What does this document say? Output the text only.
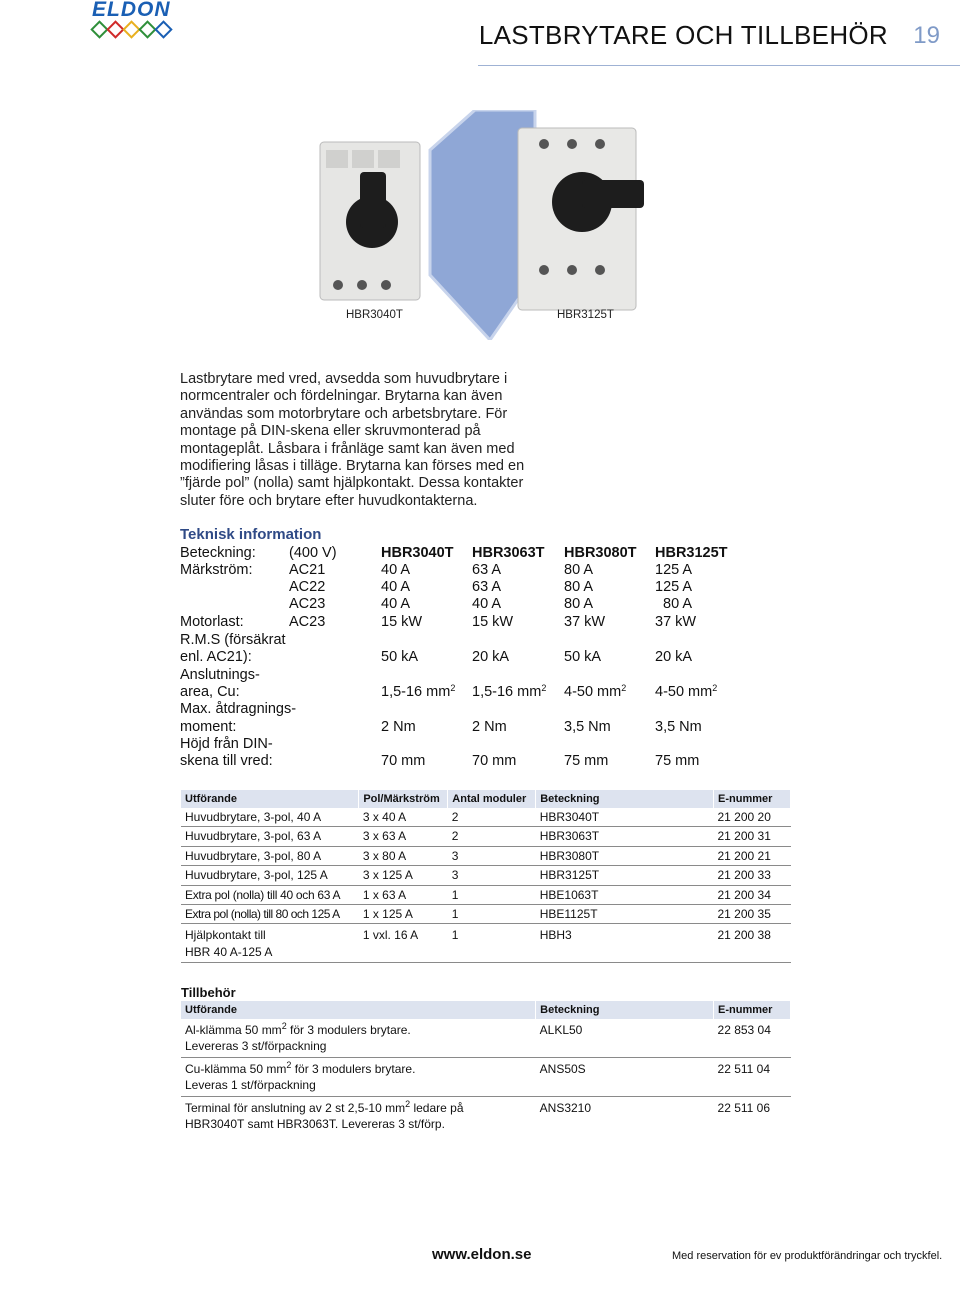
ELDON
LASTBRYTARE OCH TILLBEHÖR 19
HBR3040T	HBR3125T
Lastbrytare med vred, avsedda som huvudbrytare i normcentraler och fördelningar. Brytarna kan även användas som motorbrytare och arbetsbrytare. För montage på DIN-skena eller skruvmonterad på montageplåt. Låsbara i frånläge samt kan även med modifiering låsas i tilläge. Brytarna kan förses med en ”fjärde pol” (nolla) samt hjälpkontakt. Dessa kontakter sluter före och brytare efter huvudkontakterna.
Teknisk information
Beteckning: (400 V)	HBR3040T HBR3063T HBR3080T HBR3125T
Märkström:	AC21	40 A	63 A	80 A	125 A
AC22	40 A	63 A	80 A	125 A
AC23	40 A	40 A	80 A	80 A
Motorlast:	AC23	15 kW	15 kW	37 kW	37 kW
R.M.S (försäkrat
enl. AC21):	50 kA	20 kA	50 kA	20 kA
Anslutnings-
area, Cu:	1,5-16 $mm^2$ 1,5-16 $mm^2$ 4-50 $mm^2$ 4-50 $mm^2$
Max. åtdragnings-
moment:	2 Nm	2 Nm	3,5 Nm	3,5 Nm
Höjd från DIN-
skena till vred:	70 mm	70 mm	75 mm	75 mm
Utförande	Pol/Märkström	Antal moduler	Beteckning	E-nummer
Huvudbrytare, 3-pol, 40 A	3 x 40 A	2	HBR3040T	21 200 20
Huvudbrytare, 3-pol, 63 A	3 x 63 A	2	HBR3063T	21 200 31
Huvudbrytare, 3-pol, 80 A	3 x 80 A	3	HBR3080T	21 200 21
Huvudbrytare, 3-pol, 125 A	3 x 125 A	3	HBR3125T	21 200 33
Extra pol (nolla) till 40 och 63 A	1 x 63 A	1	HBE1063T	21 200 34
Extra pol (nolla) till 80 och 125 A	1 x 125 A	1	HBE1125T	21 200 35

Hjälpkontakt till
HBR 40 A-125 A	1 vxl. 16 A	1	HBH3	21 200 38
Tillbehör
Utförande	Beteckning	E-nummer

Al-klämma 50 $mm^2$ för 3 modulers brytare.
Levereras 3 st/förpackning	ALKL50	22 853 04

Cu-klämma 50 $mm^2$ för 3 modulers brytare.
Leveras 1 st/förpackning	ANS50S	22 511 04

Terminal för anslutning av 2 st 2,5-10 $mm^2$ ledare på
HBR3040T samt HBR3063T. Levereras 3 st/förp.	ANS3210	22 511 06
www.eldon.se	Med reservation för ev produktförändringar och tryckfel.
